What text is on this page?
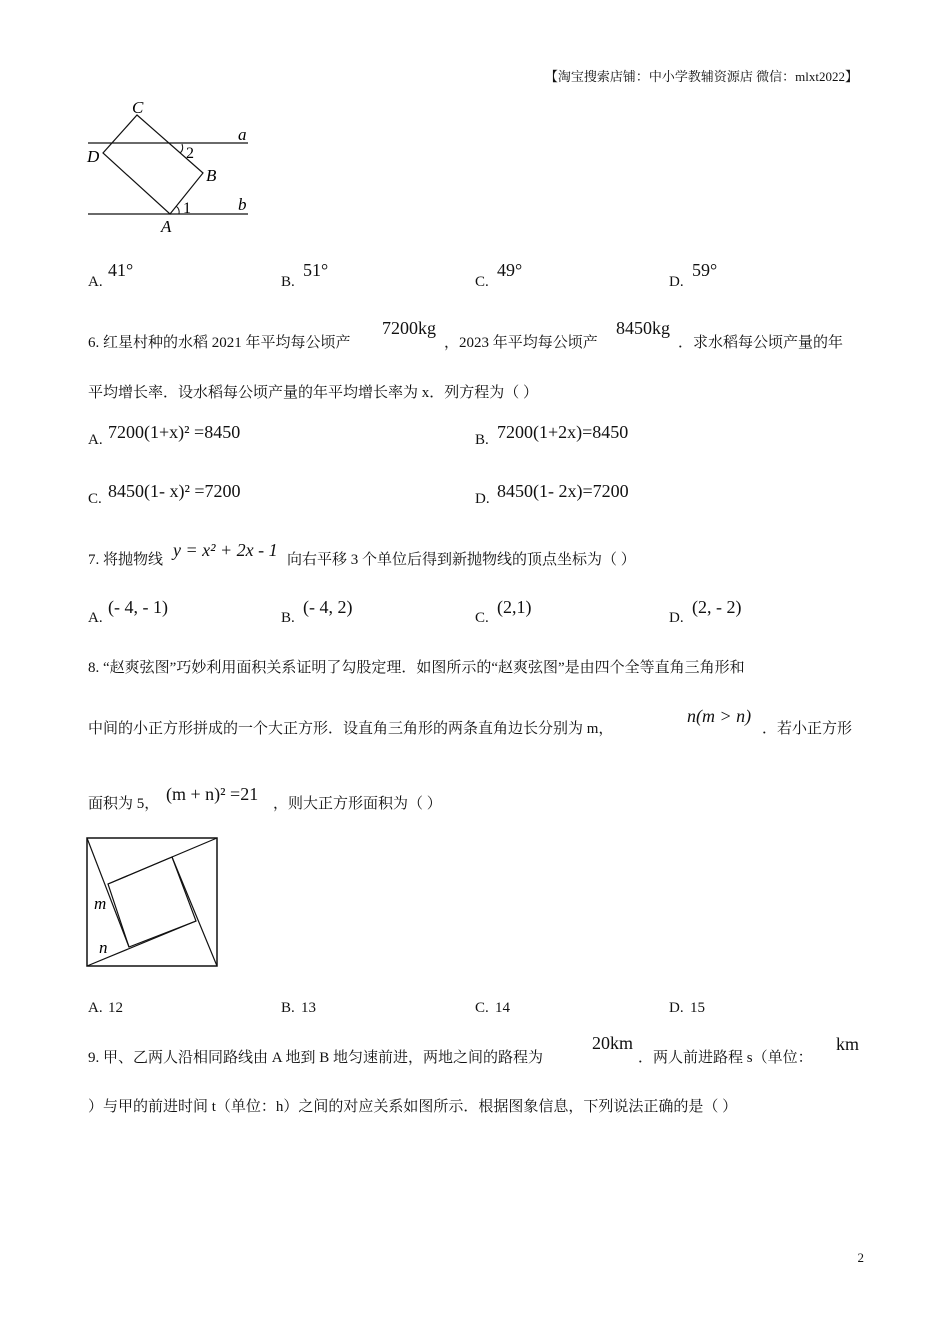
【淘宝搜索店铺：中小学教辅资源店 微信：mlxt2022】
C
a
D	2
B
1	b
A
A.
41°
B.
51°
C.
49°
D.
59°
6. 红星村种的水稻 2021 年平均每公顷产
7200kg
，2023 年平均每公顷产
8450kg
．求水稻每公顷产量的年
平均增长率．设水稻每公顷产量的年平均增长率为 x．列方程为（ ）
A. 7200(1+x)² =8450	B. 7200(1+2x)=8450
C. 8450(1- x)² =7200	D. 8450(1- 2x)=7200
7. 将抛物线 y = x² + 2x - 1 向右平移 3 个单位后得到新抛物线的顶点坐标为（ ）
A.
(- 4, - 1)
B.
(- 4, 2)
C.
(2,1)
D.
(2, - 2)
8. “赵爽弦图”巧妙利用面积关系证明了勾股定理．如图所示的“赵爽弦图”是由四个全等直角三角形和
中间的小正方形拼成的一个大正方形．设直角三角形的两条直角边长分别为 m，
n(m > n)
．若小正方形
面积为 5， (m + n)² =21 ，则大正方形面积为（ ）
m
n
A. 12	B. 13	C. 14	D. 15
9. 甲、乙两人沿相同路线由 A 地到 B 地匀速前进，两地之间的路程为
20km
．两人前进路程 s（单位：
km
）与甲的前进时间 t（单位：h）之间的对应关系如图所示．根据图象信息，下列说法正确的是（ ）
2
